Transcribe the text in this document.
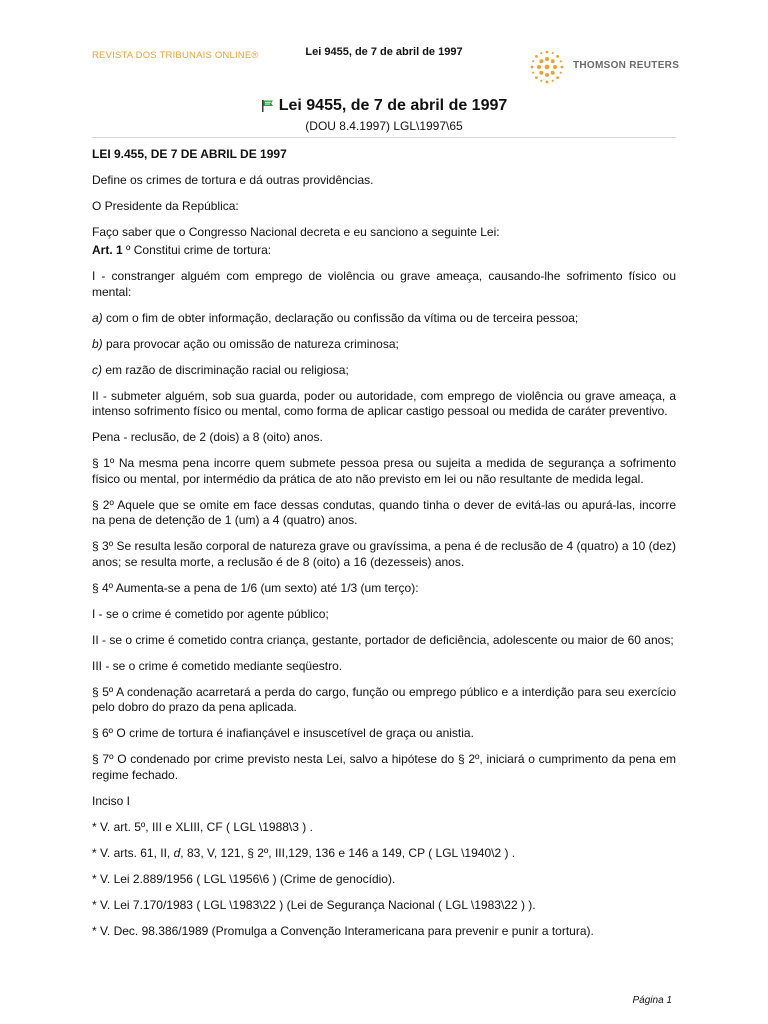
REVISTA DOS TRIBUNAIS ONLINE®	Lei 9455, de 7 de abril de 1997
THOMSON REUTERS
Lei 9455, de 7 de abril de 1997
(DOU 8.4.1997) LGL\1997\65

LEI 9.455, DE 7 DE ABRIL DE 1997

Define os crimes de tortura e dá outras providências.

O Presidente da República:

Faço saber que o Congresso Nacional decreta e eu sanciono a seguinte Lei:

Art. 1 º Constitui crime de tortura:

I - constranger alguém com emprego de violência ou grave ameaça, causando-lhe sofrimento físico ou mental:

a) com o fim de obter informação, declaração ou confissão da vítima ou de terceira pessoa;

b) para provocar ação ou omissão de natureza criminosa;

c) em razão de discriminação racial ou religiosa;

II - submeter alguém, sob sua guarda, poder ou autoridade, com emprego de violência ou grave ameaça, a intenso sofrimento físico ou mental, como forma de aplicar castigo pessoal ou medida de caráter preventivo.

Pena - reclusão, de 2 (dois) a 8 (oito) anos.

§ 1º Na mesma pena incorre quem submete pessoa presa ou sujeita a medida de segurança a sofrimento físico ou mental, por intermédio da prática de ato não previsto em lei ou não resultante de medida legal.

§ 2º Aquele que se omite em face dessas condutas, quando tinha o dever de evitá-las ou apurá-las, incorre na pena de detenção de 1 (um) a 4 (quatro) anos.

§ 3º Se resulta lesão corporal de natureza grave ou gravíssima, a pena é de reclusão de 4 (quatro) a 10 (dez) anos; se resulta morte, a reclusão é de 8 (oito) a 16 (dezesseis) anos.

§ 4º Aumenta-se a pena de 1/6 (um sexto) até 1/3 (um terço):

I - se o crime é cometido por agente público;

II - se o crime é cometido contra criança, gestante, portador de deficiência, adolescente ou maior de 60 anos;

III - se o crime é cometido mediante seqüestro.

§ 5º A condenação acarretará a perda do cargo, função ou emprego público e a interdição para seu exercício pelo dobro do prazo da pena aplicada.

§ 6º O crime de tortura é inafiançável e insuscetível de graça ou anistia.

§ 7º O condenado por crime previsto nesta Lei, salvo a hipótese do § 2º, iniciará o cumprimento da pena em regime fechado.

Inciso I

* V. art. 5º, III e XLIII, CF ( LGL \1988\3 ) .

* V. arts. 61, II, d, 83, V, 121, § 2º, III,129, 136 e 146 a 149, CP ( LGL \1940\2 ) .

* V. Lei 2.889/1956 ( LGL \1956\6 ) (Crime de genocídio).

* V. Lei 7.170/1983 ( LGL \1983\22 ) (Lei de Segurança Nacional ( LGL \1983\22 ) ).

* V. Dec. 98.386/1989 (Promulga a Convenção Interamericana para prevenir e punir a tortura).

Página 1
